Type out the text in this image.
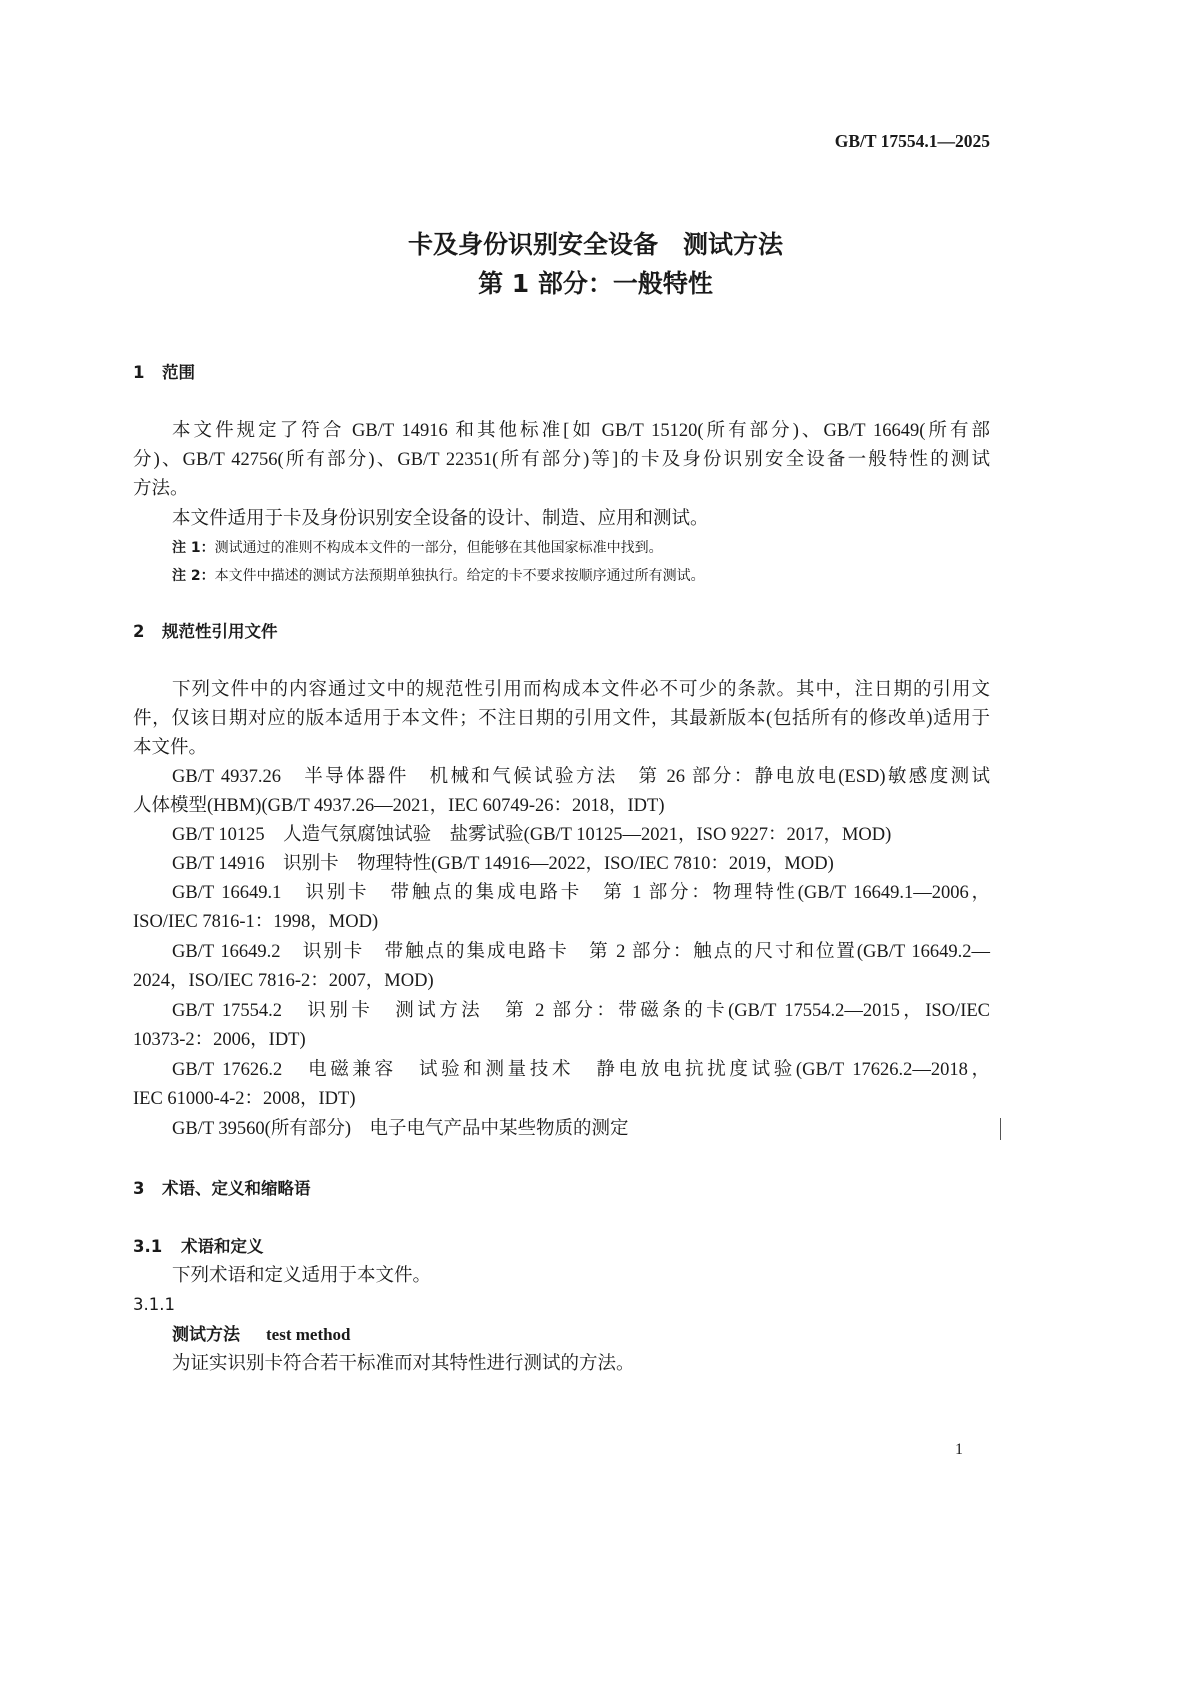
GB/T 17554.1—2025
卡及身份识别安全设备　测试方法
第 1 部分：一般特性
1 范围
本文件规定了符合 GB/T 14916 和其他标准[如 GB/T 15120(所有部分)、GB/T 16649(所有部
分)、GB/T 42756(所有部分)、GB/T 22351(所有部分)等]的卡及身份识别安全设备一般特性的测试
方法。
本文件适用于卡及身份识别安全设备的设计、制造、应用和测试。
注 1：测试通过的准则不构成本文件的一部分，但能够在其他国家标准中找到。
注 2：本文件中描述的测试方法预期单独执行。给定的卡不要求按顺序通过所有测试。
2 规范性引用文件
下列文件中的内容通过文中的规范性引用而构成本文件必不可少的条款。其中，注日期的引用文
件，仅该日期对应的版本适用于本文件；不注日期的引用文件，其最新版本(包括所有的修改单)适用于
本文件。
GB/T 4937.26　半导体器件　机械和气候试验方法　第 26 部分：静电放电(ESD)敏感度测试
人体模型(HBM)(GB/T 4937.26—2021，IEC 60749-26：2018，IDT)
GB/T 10125　人造气氛腐蚀试验　盐雾试验(GB/T 10125—2021，ISO 9227：2017，MOD)
GB/T 14916　识别卡　物理特性(GB/T 14916—2022，ISO/IEC 7810：2019，MOD)
GB/T 16649.1　识别卡　带触点的集成电路卡　第 1 部分：物理特性(GB/T 16649.1—2006，
ISO/IEC 7816-1：1998，MOD)
GB/T 16649.2　识别卡　带触点的集成电路卡　第 2 部分：触点的尺寸和位置(GB/T 16649.2—
2024，ISO/IEC 7816-2：2007，MOD)
GB/T 17554.2　识别卡　测试方法　第 2 部分：带磁条的卡(GB/T 17554.2—2015，ISO/IEC
10373-2：2006，IDT)
GB/T 17626.2　电磁兼容　试验和测量技术　静电放电抗扰度试验(GB/T 17626.2—2018，
IEC 61000-4-2：2008，IDT)
GB/T 39560(所有部分)　电子电气产品中某些物质的测定
3 术语、定义和缩略语
3.1 术语和定义
下列术语和定义适用于本文件。
3.1.1
测试方法 test method
为证实识别卡符合若干标准而对其特性进行测试的方法。
1
